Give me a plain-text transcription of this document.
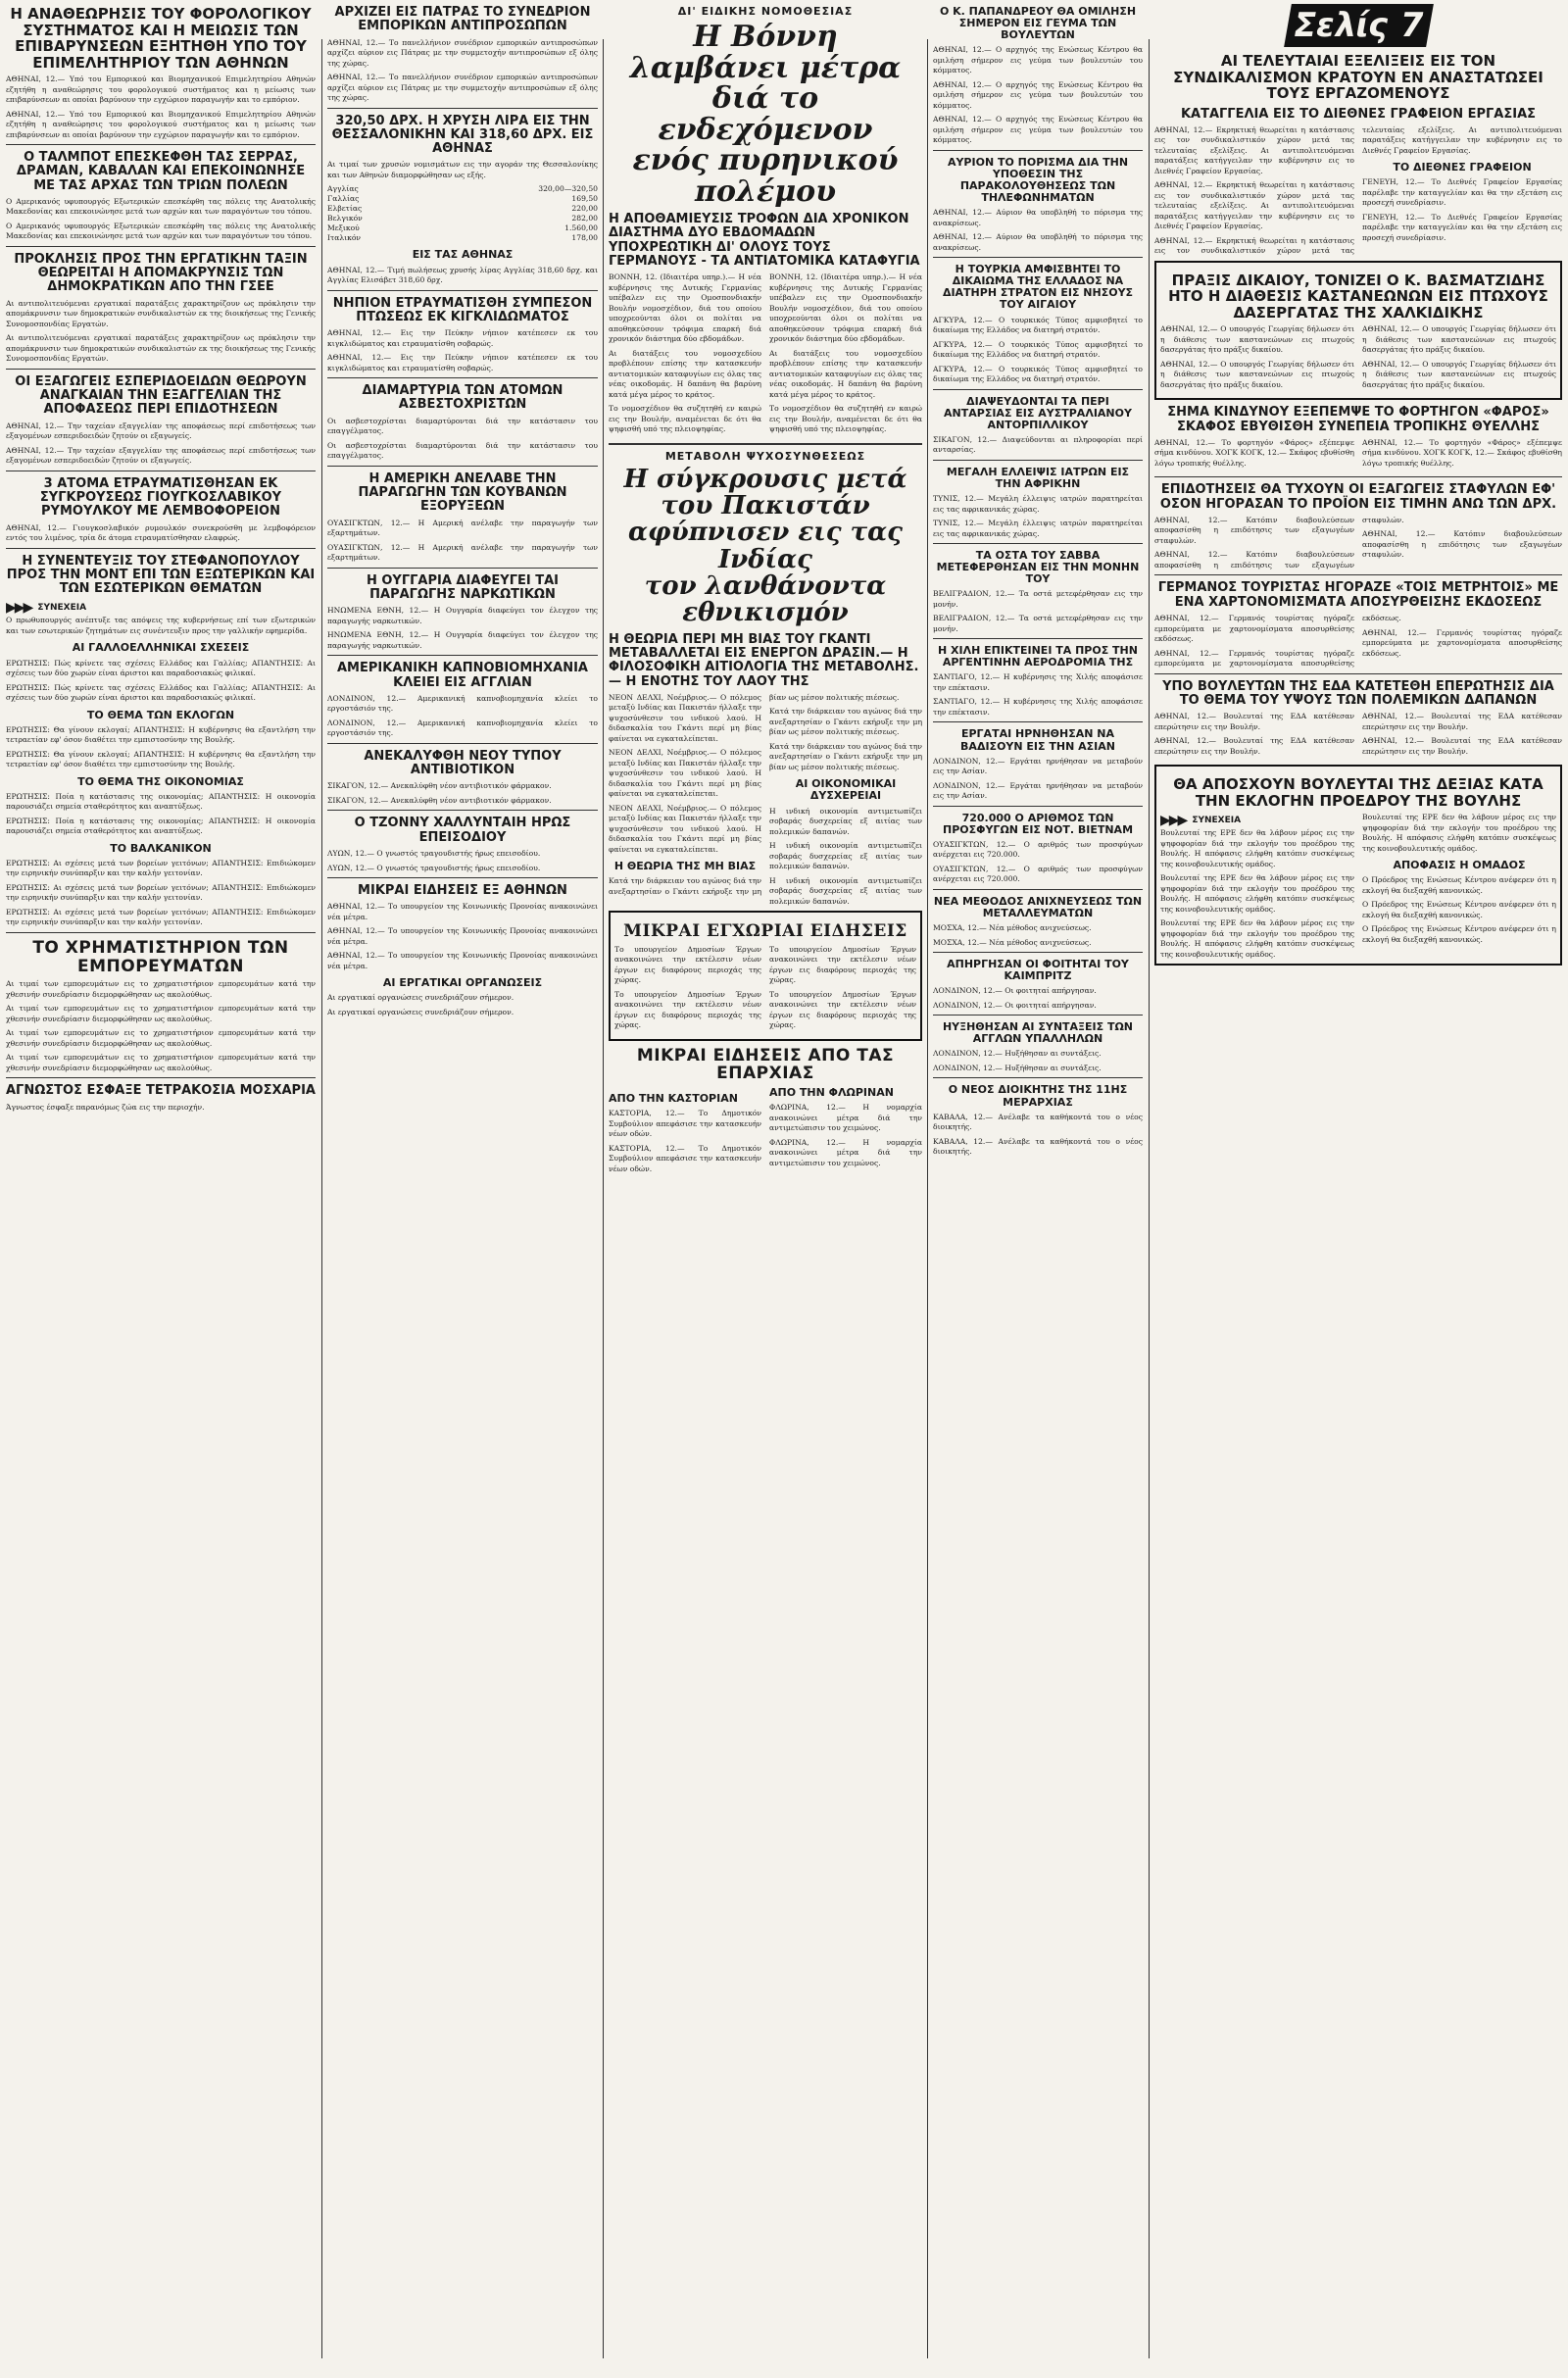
Η ΑΝΑΘΕΩΡΗΣΙΣ ΤΟΥ ΦΟΡΟΛΟΓΙΚΟΥ ΣΥΣΤΗΜΑΤΟΣ ΚΑΙ Η ΜΕΙΩΣΙΣ ΤΩΝ ΕΠΙΒΑΡΥΝΣΕΩΝ ΕΞΗΤΗΘΗ ΥΠΟ ΤΟΥ ΕΠΙΜΕΛΗΤΗΡΙΟΥ ΤΩΝ ΑΘΗΝΩΝ

ΑΘΗΝΑΙ, 12.— Υπό του Εμπορικού και Βιομηχανικού Επιμελητηρίου Αθηνών εζητήθη η αναθεώρησις του φορολογικού συστήματος και η μείωσις των επιβαρύνσεων αι οποίαι βαρύνουν την εγχώριον παραγωγήν και το εμπόριον.

ΑΘΗΝΑΙ, 12.— Υπό του Εμπορικού και Βιομηχανικού Επιμελητηρίου Αθηνών εζητήθη η αναθεώρησις του φορολογικού συστήματος και η μείωσις των επιβαρύνσεων αι οποίαι βαρύνουν την εγχώριον παραγωγήν και το εμπόριον.

Ο ΤΑΛΜΠΟΤ ΕΠΕΣΚΕΦΘΗ ΤΑΣ ΣΕΡΡΑΣ, ΔΡΑΜΑΝ, ΚΑΒΑΛΑΝ ΚΑΙ ΕΠΕΚΟΙΝΩΝΗΣΕ ΜΕ ΤΑΣ ΑΡΧΑΣ ΤΩΝ ΤΡΙΩΝ ΠΟΛΕΩΝ

Ο Αμερικανός υφυπουργός Εξωτερικών επεσκέφθη τας πόλεις της Ανατολικής Μακεδονίας και επεκοινώνησε μετά των αρχών και των παραγόντων του τόπου.

Ο Αμερικανός υφυπουργός Εξωτερικών επεσκέφθη τας πόλεις της Ανατολικής Μακεδονίας και επεκοινώνησε μετά των αρχών και των παραγόντων του τόπου.

ΠΡΟΚΛΗΣΙΣ ΠΡΟΣ ΤΗΝ ΕΡΓΑΤΙΚΗΝ ΤΑΞΙΝ ΘΕΩΡΕΙΤΑΙ Η ΑΠΟΜΑΚΡΥΝΣΙΣ ΤΩΝ ΔΗΜΟΚΡΑΤΙΚΩΝ ΑΠΟ ΤΗΝ ΓΣΕΕ

Αι αντιπολιτευόμεναι εργατικαί παρατάξεις χαρακτηρίζουν ως πρόκλησιν την απομάκρυνσιν των δημοκρατικών συνδικαλιστών εκ της διοικήσεως της Γενικής Συνομοσπονδίας Εργατών.

Αι αντιπολιτευόμεναι εργατικαί παρατάξεις χαρακτηρίζουν ως πρόκλησιν την απομάκρυνσιν των δημοκρατικών συνδικαλιστών εκ της διοικήσεως της Γενικής Συνομοσπονδίας Εργατών.

ΟΙ ΕΞΑΓΩΓΕΙΣ ΕΣΠΕΡΙΔΟΕΙΔΩΝ ΘΕΩΡΟΥΝ ΑΝΑΓΚΑΙΑΝ ΤΗΝ ΕΞΑΓΓΕΛΙΑΝ ΤΗΣ ΑΠΟΦΑΣΕΩΣ ΠΕΡΙ ΕΠΙΔΟΤΗΣΕΩΝ

ΑΘΗΝΑΙ, 12.— Την ταχείαν εξαγγελίαν της αποφάσεως περί επιδοτήσεως των εξαγομένων εσπεριδοειδών ζητούν οι εξαγωγείς.

ΑΘΗΝΑΙ, 12.— Την ταχείαν εξαγγελίαν της αποφάσεως περί επιδοτήσεως των εξαγομένων εσπεριδοειδών ζητούν οι εξαγωγείς.

3 ΑΤΟΜΑ ΕΤΡΑΥΜΑΤΙΣΘΗΣΑΝ ΕΚ ΣΥΓΚΡΟΥΣΕΩΣ ΓΙΟΥΓΚΟΣΛΑΒΙΚΟΥ ΡΥΜΟΥΛΚΟΥ ΜΕ ΛΕΜΒΟΦΟΡΕΙΟΝ

ΑΘΗΝΑΙ, 12.— Γιουγκοσλαβικόν ρυμουλκόν συνεκρούσθη με λεμβοφόρειον εντός του λιμένος, τρία δε άτομα ετραυματίσθησαν ελαφρώς.

Η ΣΥΝΕΝΤΕΥΞΙΣ ΤΟΥ ΣΤΕΦΑΝΟΠΟΥΛΟΥ ΠΡΟΣ ΤΗΝ ΜΟΝΤ ΕΠΙ ΤΩΝ ΕΞΩΤΕΡΙΚΩΝ ΚΑΙ ΤΩΝ ΕΣΩΤΕΡΙΚΩΝ ΘΕΜΑΤΩΝ
▶▶▶ ΣΥΝΕΧΕΙΑ

Ο πρωθυπουργός ανέπτυξε τας απόψεις της κυβερνήσεως επί των εξωτερικών και των εσωτερικών ζητημάτων εις συνέντευξιν προς την γαλλικήν εφημερίδα.

ΑΙ ΓΑΛΛΟΕΛΛΗΝΙΚΑΙ ΣΧΕΣΕΙΣ

ΕΡΩΤΗΣΙΣ: Πώς κρίνετε τας σχέσεις Ελλάδος και Γαλλίας; ΑΠΑΝΤΗΣΙΣ: Αι σχέσεις των δύο χωρών είναι άριστοι και παραδοσιακώς φιλικαί.

ΕΡΩΤΗΣΙΣ: Πώς κρίνετε τας σχέσεις Ελλάδος και Γαλλίας; ΑΠΑΝΤΗΣΙΣ: Αι σχέσεις των δύο χωρών είναι άριστοι και παραδοσιακώς φιλικαί.

ΤΟ ΘΕΜΑ ΤΩΝ ΕΚΛΟΓΩΝ

ΕΡΩΤΗΣΙΣ: Θα γίνουν εκλογαί; ΑΠΑΝΤΗΣΙΣ: Η κυβέρνησις θα εξαντλήση την τετραετίαν εφ' όσον διαθέτει την εμπιστοσύνην της Βουλής.

ΕΡΩΤΗΣΙΣ: Θα γίνουν εκλογαί; ΑΠΑΝΤΗΣΙΣ: Η κυβέρνησις θα εξαντλήση την τετραετίαν εφ' όσον διαθέτει την εμπιστοσύνην της Βουλής.

ΤΟ ΘΕΜΑ ΤΗΣ ΟΙΚΟΝΟΜΙΑΣ

ΕΡΩΤΗΣΙΣ: Ποία η κατάστασις της οικονομίας; ΑΠΑΝΤΗΣΙΣ: Η οικονομία παρουσιάζει σημεία σταθερότητος και αναπτύξεως.

ΕΡΩΤΗΣΙΣ: Ποία η κατάστασις της οικονομίας; ΑΠΑΝΤΗΣΙΣ: Η οικονομία παρουσιάζει σημεία σταθερότητος και αναπτύξεως.

ΤΟ ΒΑΛΚΑΝΙΚΟΝ

ΕΡΩΤΗΣΙΣ: Αι σχέσεις μετά των βορείων γειτόνων; ΑΠΑΝΤΗΣΙΣ: Επιδιώκομεν την ειρηνικήν συνύπαρξιν και την καλήν γειτονίαν.

ΕΡΩΤΗΣΙΣ: Αι σχέσεις μετά των βορείων γειτόνων; ΑΠΑΝΤΗΣΙΣ: Επιδιώκομεν την ειρηνικήν συνύπαρξιν και την καλήν γειτονίαν.

ΕΡΩΤΗΣΙΣ: Αι σχέσεις μετά των βορείων γειτόνων; ΑΠΑΝΤΗΣΙΣ: Επιδιώκομεν την ειρηνικήν συνύπαρξιν και την καλήν γειτονίαν.

ΤΟ ΧΡΗΜΑΤΙΣΤΗΡΙΟΝ ΤΩΝ ΕΜΠΟΡΕΥΜΑΤΩΝ

Αι τιμαί των εμπορευμάτων εις το χρηματιστήριον εμπορευμάτων κατά την χθεσινήν συνεδρίασιν διεμορφώθησαν ως ακολούθως.

Αι τιμαί των εμπορευμάτων εις το χρηματιστήριον εμπορευμάτων κατά την χθεσινήν συνεδρίασιν διεμορφώθησαν ως ακολούθως.

Αι τιμαί των εμπορευμάτων εις το χρηματιστήριον εμπορευμάτων κατά την χθεσινήν συνεδρίασιν διεμορφώθησαν ως ακολούθως.

Αι τιμαί των εμπορευμάτων εις το χρηματιστήριον εμπορευμάτων κατά την χθεσινήν συνεδρίασιν διεμορφώθησαν ως ακολούθως.

ΑΓΝΩΣΤΟΣ ΕΣΦΑΞΕ ΤΕΤΡΑΚΟΣΙΑ ΜΟΣΧΑΡΙΑ

Άγνωστος έσφαξε παρανόμως ζώα εις την περιοχήν.

ΑΡΧΙΖΕΙ ΕΙΣ ΠΑΤΡΑΣ ΤΟ ΣΥΝΕΔΡΙΟΝ ΕΜΠΟΡΙΚΩΝ ΑΝΤΙΠΡΟΣΩΠΩΝ

ΑΘΗΝΑΙ, 12.— Το πανελλήνιον συνέδριον εμπορικών αντιπροσώπων αρχίζει αύριον εις Πάτρας με την συμμετοχήν αντιπροσώπων εξ όλης της χώρας.

ΑΘΗΝΑΙ, 12.— Το πανελλήνιον συνέδριον εμπορικών αντιπροσώπων αρχίζει αύριον εις Πάτρας με την συμμετοχήν αντιπροσώπων εξ όλης της χώρας.

320,50 ΔΡΧ. Η ΧΡΥΣΗ ΛΙΡΑ ΕΙΣ ΤΗΝ ΘΕΣΣΑΛΟΝΙΚΗΝ ΚΑΙ 318,60 ΔΡΧ. ΕΙΣ ΑΘΗΝΑΣ

Αι τιμαί των χρυσών νομισμάτων εις την αγοράν της Θεσσαλονίκης και των Αθηνών διαμορφώθησαν ως εξής.

Αγγλίας	320,00—320,50
Γαλλίας	169,50
Ελβετίας	220,00
Βελγικόν	282,00
Μεξικού	1.560,00
Ιταλικόν	178,00
ΕΙΣ ΤΑΣ ΑΘΗΝΑΣ

ΑΘΗΝΑΙ, 12.— Τιμή πωλήσεως χρυσής λίρας Αγγλίας 318,60 δρχ. και Αγγλίας Ελισάβετ 318,60 δρχ.

ΝΗΠΙΟΝ ΕΤΡΑΥΜΑΤΙΣΘΗ ΣΥΜΠΕΣΟΝ ΠΤΩΣΕΩΣ ΕΚ ΚΙΓΚΛΙΔΩΜΑΤΟΣ

ΑΘΗΝΑΙ, 12.— Εις την Πεύκην νήπιον κατέπεσεν εκ του κιγκλιδώματος και ετραυματίσθη σοβαρώς.

ΑΘΗΝΑΙ, 12.— Εις την Πεύκην νήπιον κατέπεσεν εκ του κιγκλιδώματος και ετραυματίσθη σοβαρώς.

ΔΙΑΜΑΡΤΥΡΙΑ ΤΩΝ ΑΤΟΜΩΝ ΑΣΒΕΣΤΟΧΡΙΣΤΩΝ

Οι ασβεστοχρίσται διαμαρτύρονται διά την κατάστασιν του επαγγέλματος.

Οι ασβεστοχρίσται διαμαρτύρονται διά την κατάστασιν του επαγγέλματος.

Η ΑΜΕΡΙΚΗ ΑΝΕΛΑΒΕ ΤΗΝ ΠΑΡΑΓΩΓΗΝ ΤΩΝ ΚΟΥΒΑΝΩΝ ΕΞΟΡΥΞΕΩΝ

ΟΥΑΣΙΓΚΤΩΝ, 12.— Η Αμερική ανέλαβε την παραγωγήν των εξαρτημάτων.

ΟΥΑΣΙΓΚΤΩΝ, 12.— Η Αμερική ανέλαβε την παραγωγήν των εξαρτημάτων.

Η ΟΥΓΓΑΡΙΑ ΔΙΑΦΕΥΓΕΙ ΤΑΙ ΠΑΡΑΓΩΓΗΣ ΝΑΡΚΩΤΙΚΩΝ

ΗΝΩΜΕΝΑ ΕΘΝΗ, 12.— Η Ουγγαρία διαφεύγει τον έλεγχον της παραγωγής ναρκωτικών.

ΗΝΩΜΕΝΑ ΕΘΝΗ, 12.— Η Ουγγαρία διαφεύγει τον έλεγχον της παραγωγής ναρκωτικών.

ΑΜΕΡΙΚΑΝΙΚΗ ΚΑΠΝΟΒΙΟΜΗΧΑΝΙΑ ΚΛΕΙΕΙ ΕΙΣ ΑΓΓΛΙΑΝ

ΛΟΝΔΙΝΟΝ, 12.— Αμερικανική καπνοβιομηχανία κλείει το εργοστάσιόν της.

ΛΟΝΔΙΝΟΝ, 12.— Αμερικανική καπνοβιομηχανία κλείει το εργοστάσιόν της.

ΑΝΕΚΑΛΥΦΘΗ ΝΕΟΥ ΤΥΠΟΥ ΑΝΤΙΒΙΟΤΙΚΟΝ

ΣΙΚΑΓΟΝ, 12.— Ανεκαλύφθη νέον αντιβιοτικόν φάρμακον.

ΣΙΚΑΓΟΝ, 12.— Ανεκαλύφθη νέον αντιβιοτικόν φάρμακον.

Ο ΤΖΟΝΝΥ ΧΑΛΛΥΝΤΑΙΗ ΗΡΩΣ ΕΠΕΙΣΟΔΙΟΥ

ΛΥΩΝ, 12.— Ο γνωστός τραγουδιστής ήρως επεισοδίου.

ΛΥΩΝ, 12.— Ο γνωστός τραγουδιστής ήρως επεισοδίου.

ΜΙΚΡΑΙ ΕΙΔΗΣΕΙΣ ΕΞ ΑΘΗΝΩΝ

ΑΘΗΝΑΙ, 12.— Το υπουργείον της Κοινωνικής Προνοίας ανακοινώνει νέα μέτρα.

ΑΘΗΝΑΙ, 12.— Το υπουργείον της Κοινωνικής Προνοίας ανακοινώνει νέα μέτρα.

ΑΘΗΝΑΙ, 12.— Το υπουργείον της Κοινωνικής Προνοίας ανακοινώνει νέα μέτρα.

ΑΙ ΕΡΓΑΤΙΚΑΙ ΟΡΓΑΝΩΣΕΙΣ

Αι εργατικαί οργανώσεις συνεδριάζουν σήμερον.

Αι εργατικαί οργανώσεις συνεδριάζουν σήμερον.

ΔΙ' ΕΙΔΙΚΗΣ ΝΟΜΟΘΕΣΙΑΣ
Η Βόννη λαμβάνει μέτρα
διά το ενδεχόμενον
ενός πυρηνικού πολέμου
Η ΑΠΟΘΑΜΙΕΥΣΙΣ ΤΡΟΦΩΝ ΔΙΑ ΧΡΟΝΙΚΟΝ ΔΙΑΣΤΗΜΑ ΔΥΟ ΕΒΔΟΜΑΔΩΝ ΥΠΟΧΡΕΩΤΙΚΗ ΔΙ' ΟΛΟΥΣ ΤΟΥΣ ΓΕΡΜΑΝΟΥΣ - ΤΑ ΑΝΤΙΑΤΟΜΙΚΑ ΚΑΤΑΦΥΓΙΑ

ΒΟΝΝΗ, 12. (Ιδιαιτέρα υπηρ.).— Η νέα κυβέρνησις της Δυτικής Γερμανίας υπέβαλεν εις την Ομοσπονδιακήν Βουλήν νομοσχέδιον, διά του οποίου υποχρεούνται όλοι οι πολίται να αποθηκεύσουν τρόφιμα επαρκή διά χρονικόν διάστημα δύο εβδομάδων.

Αι διατάξεις του νομοσχεδίου προβλέπουν επίσης την κατασκευήν αντιατομικών καταφυγίων εις όλας τας νέας οικοδομάς. Η δαπάνη θα βαρύνη κατά μέγα μέρος το κράτος.

Το νομοσχέδιον θα συζητηθή εν καιρώ εις την Βουλήν, αναμένεται δε ότι θα ψηφισθή υπό της πλειοψηφίας.

ΒΟΝΝΗ, 12. (Ιδιαιτέρα υπηρ.).— Η νέα κυβέρνησις της Δυτικής Γερμανίας υπέβαλεν εις την Ομοσπονδιακήν Βουλήν νομοσχέδιον, διά του οποίου υποχρεούνται όλοι οι πολίται να αποθηκεύσουν τρόφιμα επαρκή διά χρονικόν διάστημα δύο εβδομάδων.

Αι διατάξεις του νομοσχεδίου προβλέπουν επίσης την κατασκευήν αντιατομικών καταφυγίων εις όλας τας νέας οικοδομάς. Η δαπάνη θα βαρύνη κατά μέγα μέρος το κράτος.

Το νομοσχέδιον θα συζητηθή εν καιρώ εις την Βουλήν, αναμένεται δε ότι θα ψηφισθή υπό της πλειοψηφίας.

ΜΕΤΑΒΟΛΗ ΨΥΧΟΣΥΝΘΕΣΕΩΣ
Η σύγκρουσις μετά του Πακιστάν
αφύπνισεν εις τας Ινδίας
τον λανθάνοντα εθνικισμόν
Η ΘΕΩΡΙΑ ΠΕΡΙ ΜΗ ΒΙΑΣ ΤΟΥ ΓΚΑΝΤΙ ΜΕΤΑΒΑΛΛΕΤΑΙ ΕΙΣ ΕΝΕΡΓΟΝ ΔΡΑΣΙΝ.— Η ΦΙΛΟΣΟΦΙΚΗ ΑΙΤΙΟΛΟΓΙΑ ΤΗΣ ΜΕΤΑΒΟΛΗΣ.— Η ΕΝΟΤΗΣ ΤΟΥ ΛΑΟΥ ΤΗΣ

ΝΕΟΝ ΔΕΛΧΙ, Νοέμβριος.— Ο πόλεμος μεταξύ Ινδίας και Πακιστάν ήλλαξε την ψυχοσύνθεσιν του ινδικού λαού. Η διδασκαλία του Γκάντι περί μη βίας φαίνεται να εγκαταλείπεται.

ΝΕΟΝ ΔΕΛΧΙ, Νοέμβριος.— Ο πόλεμος μεταξύ Ινδίας και Πακιστάν ήλλαξε την ψυχοσύνθεσιν του ινδικού λαού. Η διδασκαλία του Γκάντι περί μη βίας φαίνεται να εγκαταλείπεται.

ΝΕΟΝ ΔΕΛΧΙ, Νοέμβριος.— Ο πόλεμος μεταξύ Ινδίας και Πακιστάν ήλλαξε την ψυχοσύνθεσιν του ινδικού λαού. Η διδασκαλία του Γκάντι περί μη βίας φαίνεται να εγκαταλείπεται.

Η ΘΕΩΡΙΑ ΤΗΣ ΜΗ ΒΙΑΣ

Κατά την διάρκειαν του αγώνος διά την ανεξαρτησίαν ο Γκάντι εκήρυξε την μη βίαν ως μέσον πολιτικής πιέσεως.

Κατά την διάρκειαν του αγώνος διά την ανεξαρτησίαν ο Γκάντι εκήρυξε την μη βίαν ως μέσον πολιτικής πιέσεως.

Κατά την διάρκειαν του αγώνος διά την ανεξαρτησίαν ο Γκάντι εκήρυξε την μη βίαν ως μέσον πολιτικής πιέσεως.

ΑΙ ΟΙΚΟΝΟΜΙΚΑΙ ΔΥΣΧΕΡΕΙΑΙ

Η ινδική οικονομία αντιμετωπίζει σοβαράς δυσχερείας εξ αιτίας των πολεμικών δαπανών.

Η ινδική οικονομία αντιμετωπίζει σοβαράς δυσχερείας εξ αιτίας των πολεμικών δαπανών.

Η ινδική οικονομία αντιμετωπίζει σοβαράς δυσχερείας εξ αιτίας των πολεμικών δαπανών.

ΜΙΚΡΑΙ ΕΓΧΩΡΙΑΙ ΕΙΔΗΣΕΙΣ

Το υπουργείον Δημοσίων Έργων ανακοινώνει την εκτέλεσιν νέων έργων εις διαφόρους περιοχάς της χώρας.

Το υπουργείον Δημοσίων Έργων ανακοινώνει την εκτέλεσιν νέων έργων εις διαφόρους περιοχάς της χώρας.

Το υπουργείον Δημοσίων Έργων ανακοινώνει την εκτέλεσιν νέων έργων εις διαφόρους περιοχάς της χώρας.

Το υπουργείον Δημοσίων Έργων ανακοινώνει την εκτέλεσιν νέων έργων εις διαφόρους περιοχάς της χώρας.

ΜΙΚΡΑΙ ΕΙΔΗΣΕΙΣ ΑΠΟ ΤΑΣ ΕΠΑΡΧΙΑΣ
ΑΠΟ ΤΗΝ ΚΑΣΤΟΡΙΑΝ

ΚΑΣΤΟΡΙΑ, 12.— Το Δημοτικόν Συμβούλιον απεφάσισε την κατασκευήν νέων οδών.

ΚΑΣΤΟΡΙΑ, 12.— Το Δημοτικόν Συμβούλιον απεφάσισε την κατασκευήν νέων οδών.

ΑΠΟ ΤΗΝ ΦΛΩΡΙΝΑΝ

ΦΛΩΡΙΝΑ, 12.— Η νομαρχία ανακοινώνει μέτρα διά την αντιμετώπισιν του χειμώνος.

ΦΛΩΡΙΝΑ, 12.— Η νομαρχία ανακοινώνει μέτρα διά την αντιμετώπισιν του χειμώνος.

Ο Κ. ΠΑΠΑΝΔΡΕΟΥ ΘΑ ΟΜΙΛΗΣΗ ΣΗΜΕΡΟΝ ΕΙΣ ΓΕΥΜΑ ΤΩΝ ΒΟΥΛΕΥΤΩΝ

ΑΘΗΝΑΙ, 12.— Ο αρχηγός της Ενώσεως Κέντρου θα ομιλήση σήμερον εις γεύμα των βουλευτών του κόμματος.

ΑΘΗΝΑΙ, 12.— Ο αρχηγός της Ενώσεως Κέντρου θα ομιλήση σήμερον εις γεύμα των βουλευτών του κόμματος.

ΑΘΗΝΑΙ, 12.— Ο αρχηγός της Ενώσεως Κέντρου θα ομιλήση σήμερον εις γεύμα των βουλευτών του κόμματος.

ΑΥΡΙΟΝ ΤΟ ΠΟΡΙΣΜΑ ΔΙΑ ΤΗΝ ΥΠΟΘΕΣΙΝ ΤΗΣ ΠΑΡΑΚΟΛΟΥΘΗΣΕΩΣ ΤΩΝ ΤΗΛΕΦΩΝΗΜΑΤΩΝ

ΑΘΗΝΑΙ, 12.— Αύριον θα υποβληθή το πόρισμα της ανακρίσεως.

ΑΘΗΝΑΙ, 12.— Αύριον θα υποβληθή το πόρισμα της ανακρίσεως.

Η ΤΟΥΡΚΙΑ ΑΜΦΙΣΒΗΤΕΙ ΤΟ ΔΙΚΑΙΩΜΑ ΤΗΣ ΕΛΛΑΔΟΣ ΝΑ ΔΙΑΤΗΡΗ ΣΤΡΑΤΟΝ ΕΙΣ ΝΗΣΟΥΣ ΤΟΥ ΑΙΓΑΙΟΥ

ΑΓΚΥΡΑ, 12.— Ο τουρκικός Τύπος αμφισβητεί το δικαίωμα της Ελλάδος να διατηρή στρατόν.

ΑΓΚΥΡΑ, 12.— Ο τουρκικός Τύπος αμφισβητεί το δικαίωμα της Ελλάδος να διατηρή στρατόν.

ΑΓΚΥΡΑ, 12.— Ο τουρκικός Τύπος αμφισβητεί το δικαίωμα της Ελλάδος να διατηρή στρατόν.

ΔΙΑΨΕΥΔΟΝΤΑΙ ΤΑ ΠΕΡΙ ΑΝΤΑΡΣΙΑΣ ΕΙΣ ΑΥΣΤΡΑΛΙΑΝΟΥ ΑΝΤΟΡΠΙΛΛΙΚΟΥ

ΣΙΚΑΓΟΝ, 12.— Διαψεύδονται αι πληροφορίαι περί ανταρσίας.

ΜΕΓΑΛΗ ΕΛΛΕΙΨΙΣ ΙΑΤΡΩΝ ΕΙΣ ΤΗΝ ΑΦΡΙΚΗΝ

ΤΥΝΙΣ, 12.— Μεγάλη έλλειψις ιατρών παρατηρείται εις τας αφρικανικάς χώρας.

ΤΥΝΙΣ, 12.— Μεγάλη έλλειψις ιατρών παρατηρείται εις τας αφρικανικάς χώρας.

ΤΑ ΟΣΤΑ ΤΟΥ ΣΑΒΒΑ ΜΕΤΕΦΕΡΘΗΣΑΝ ΕΙΣ ΤΗΝ ΜΟΝΗΝ ΤΟΥ

ΒΕΛΙΓΡΑΔΙΟΝ, 12.— Τα οστά μετεφέρθησαν εις την μονήν.

ΒΕΛΙΓΡΑΔΙΟΝ, 12.— Τα οστά μετεφέρθησαν εις την μονήν.

Η ΧΙΛΗ ΕΠΙΚΤΕΙΝΕΙ ΤΑ ΠΡΟΣ ΤΗΝ ΑΡΓΕΝΤΙΝΗΝ ΑΕΡΟΔΡΟΜΙΑ ΤΗΣ

ΣΑΝΤΙΑΓΟ, 12.— Η κυβέρνησις της Χιλής αποφάσισε την επέκτασιν.

ΣΑΝΤΙΑΓΟ, 12.— Η κυβέρνησις της Χιλής αποφάσισε την επέκτασιν.

ΕΡΓΑΤΑΙ ΗΡΝΗΘΗΣΑΝ ΝΑ ΒΑΔΙΣΟΥΝ ΕΙΣ ΤΗΝ ΑΣΙΑΝ

ΛΟΝΔΙΝΟΝ, 12.— Εργάται ηρνήθησαν να μεταβούν εις την Ασίαν.

ΛΟΝΔΙΝΟΝ, 12.— Εργάται ηρνήθησαν να μεταβούν εις την Ασίαν.

720.000 Ο ΑΡΙΘΜΟΣ ΤΩΝ ΠΡΟΣΦΥΓΩΝ ΕΙΣ ΝΟΤ. ΒΙΕΤΝΑΜ

ΟΥΑΣΙΓΚΤΩΝ, 12.— Ο αριθμός των προσφύγων ανέρχεται εις 720.000.

ΟΥΑΣΙΓΚΤΩΝ, 12.— Ο αριθμός των προσφύγων ανέρχεται εις 720.000.

ΝΕΑ ΜΕΘΟΔΟΣ ΑΝΙΧΝΕΥΣΕΩΣ ΤΩΝ ΜΕΤΑΛΛΕΥΜΑΤΩΝ

ΜΟΣΧΑ, 12.— Νέα μέθοδος ανιχνεύσεως.

ΜΟΣΧΑ, 12.— Νέα μέθοδος ανιχνεύσεως.

ΑΠΗΡΓΗΣΑΝ ΟΙ ΦΟΙΤΗΤΑΙ ΤΟΥ ΚΑΙΜΠΡΙΤΖ

ΛΟΝΔΙΝΟΝ, 12.— Οι φοιτηταί απήργησαν.

ΛΟΝΔΙΝΟΝ, 12.— Οι φοιτηταί απήργησαν.

ΗΥΞΗΘΗΣΑΝ ΑΙ ΣΥΝΤΑΞΕΙΣ ΤΩΝ ΑΓΓΛΩΝ ΥΠΑΛΛΗΛΩΝ

ΛΟΝΔΙΝΟΝ, 12.— Ηυξήθησαν αι συντάξεις.

ΛΟΝΔΙΝΟΝ, 12.— Ηυξήθησαν αι συντάξεις.

Ο ΝΕΟΣ ΔΙΟΙΚΗΤΗΣ ΤΗΣ 11ΗΣ ΜΕΡΑΡΧΙΑΣ

ΚΑΒΑΛΑ, 12.— Ανέλαβε τα καθήκοντά του ο νέος διοικητής.

ΚΑΒΑΛΑ, 12.— Ανέλαβε τα καθήκοντά του ο νέος διοικητής.

Σελίς 7
ΑΙ ΤΕΛΕΥΤΑΙΑΙ ΕΞΕΛΙΞΕΙΣ ΕΙΣ ΤΟΝ ΣΥΝΔΙΚΑΛΙΣΜΟΝ ΚΡΑΤΟΥΝ ΕΝ ΑΝΑΣΤΑΤΩΣΕΙ ΤΟΥΣ ΕΡΓΑΖΟΜΕΝΟΥΣ
ΚΑΤΑΓΓΕΛΙΑ ΕΙΣ ΤΟ ΔΙΕΘΝΕΣ ΓΡΑΦΕΙΟΝ ΕΡΓΑΣΙΑΣ

ΑΘΗΝΑΙ, 12.— Εκρηκτική θεωρείται η κατάστασις εις τον συνδικαλιστικόν χώρον μετά τας τελευταίας εξελίξεις. Αι αντιπολιτευόμεναι παρατάξεις κατήγγειλαν την κυβέρνησιν εις το Διεθνές Γραφείον Εργασίας.

ΑΘΗΝΑΙ, 12.— Εκρηκτική θεωρείται η κατάστασις εις τον συνδικαλιστικόν χώρον μετά τας τελευταίας εξελίξεις. Αι αντιπολιτευόμεναι παρατάξεις κατήγγειλαν την κυβέρνησιν εις το Διεθνές Γραφείον Εργασίας.

ΑΘΗΝΑΙ, 12.— Εκρηκτική θεωρείται η κατάστασις εις τον συνδικαλιστικόν χώρον μετά τας τελευταίας εξελίξεις. Αι αντιπολιτευόμεναι παρατάξεις κατήγγειλαν την κυβέρνησιν εις το Διεθνές Γραφείον Εργασίας.

ΤΟ ΔΙΕΘΝΕΣ ΓΡΑΦΕΙΟΝ

ΓΕΝΕΥΗ, 12.— Το Διεθνές Γραφείον Εργασίας παρέλαβε την καταγγελίαν και θα την εξετάση εις προσεχή συνεδρίασιν.

ΓΕΝΕΥΗ, 12.— Το Διεθνές Γραφείον Εργασίας παρέλαβε την καταγγελίαν και θα την εξετάση εις προσεχή συνεδρίασιν.

ΠΡΑΞΙΣ ΔΙΚΑΙΟΥ, ΤΟΝΙΖΕΙ Ο Κ. ΒΑΣΜΑΤΖΙΔΗΣ ΗΤΟ Η ΔΙΑΘΕΣΙΣ ΚΑΣΤΑΝΕΩΝΩΝ ΕΙΣ ΠΤΩΧΟΥΣ ΔΑΣΕΡΓΑΤΑΣ ΤΗΣ ΧΑΛΚΙΔΙΚΗΣ

ΑΘΗΝΑΙ, 12.— Ο υπουργός Γεωργίας δήλωσεν ότι η διάθεσις των καστανεώνων εις πτωχούς δασεργάτας ήτο πράξις δικαίου.

ΑΘΗΝΑΙ, 12.— Ο υπουργός Γεωργίας δήλωσεν ότι η διάθεσις των καστανεώνων εις πτωχούς δασεργάτας ήτο πράξις δικαίου.

ΑΘΗΝΑΙ, 12.— Ο υπουργός Γεωργίας δήλωσεν ότι η διάθεσις των καστανεώνων εις πτωχούς δασεργάτας ήτο πράξις δικαίου.

ΑΘΗΝΑΙ, 12.— Ο υπουργός Γεωργίας δήλωσεν ότι η διάθεσις των καστανεώνων εις πτωχούς δασεργάτας ήτο πράξις δικαίου.

ΣΗΜΑ ΚΙΝΔΥΝΟΥ ΕΞΕΠΕΜΨΕ ΤΟ ΦΟΡΤΗΓΟΝ «ΦΑΡΟΣ» ΣΚΑΦΟΣ ΕΒΥΘΙΣΘΗ ΣΥΝΕΠΕΙΑ ΤΡΟΠΙΚΗΣ ΘΥΕΛΛΗΣ

ΑΘΗΝΑΙ, 12.— Το φορτηγόν «Φάρος» εξέπεμψε σήμα κινδύνου. ΧΟΓΚ ΚΟΓΚ, 12.— Σκάφος εβυθίσθη λόγω τροπικής θυέλλης.

ΑΘΗΝΑΙ, 12.— Το φορτηγόν «Φάρος» εξέπεμψε σήμα κινδύνου. ΧΟΓΚ ΚΟΓΚ, 12.— Σκάφος εβυθίσθη λόγω τροπικής θυέλλης.

ΕΠΙΔΟΤΗΣΕΙΣ ΘΑ ΤΥΧΟΥΝ ΟΙ ΕΞΑΓΩΓΕΙΣ ΣΤΑΦΥΛΩΝ ΕΦ' ΟΣΟΝ ΗΓΟΡΑΣΑΝ ΤΟ ΠΡΟΪΟΝ ΕΙΣ ΤΙΜΗΝ ΑΝΩ ΤΩΝ ΔΡΧ.

ΑΘΗΝΑΙ, 12.— Κατόπιν διαβουλεύσεων αποφασίσθη η επιδότησις των εξαγωγέων σταφυλών.

ΑΘΗΝΑΙ, 12.— Κατόπιν διαβουλεύσεων αποφασίσθη η επιδότησις των εξαγωγέων σταφυλών.

ΑΘΗΝΑΙ, 12.— Κατόπιν διαβουλεύσεων αποφασίσθη η επιδότησις των εξαγωγέων σταφυλών.

ΓΕΡΜΑΝΟΣ ΤΟΥΡΙΣΤΑΣ ΗΓΟΡΑΖΕ «ΤΟΙΣ ΜΕΤΡΗΤΟΙΣ» ΜΕ ΕΝΑ ΧΑΡΤΟΝΟΜΙΣΜΑΤΑ ΑΠΟΣΥΡΘΕΙΣΗΣ ΕΚΔΟΣΕΩΣ

ΑΘΗΝΑΙ, 12.— Γερμανός τουρίστας ηγόραζε εμπορεύματα με χαρτονομίσματα αποσυρθείσης εκδόσεως.

ΑΘΗΝΑΙ, 12.— Γερμανός τουρίστας ηγόραζε εμπορεύματα με χαρτονομίσματα αποσυρθείσης εκδόσεως.

ΑΘΗΝΑΙ, 12.— Γερμανός τουρίστας ηγόραζε εμπορεύματα με χαρτονομίσματα αποσυρθείσης εκδόσεως.

ΥΠΟ ΒΟΥΛΕΥΤΩΝ ΤΗΣ ΕΔΑ ΚΑΤΕΤΕΘΗ ΕΠΕΡΩΤΗΣΙΣ ΔΙΑ ΤΟ ΘΕΜΑ ΤΟΥ ΥΨΟΥΣ ΤΩΝ ΠΟΛΕΜΙΚΩΝ ΔΑΠΑΝΩΝ

ΑΘΗΝΑΙ, 12.— Βουλευταί της ΕΔΑ κατέθεσαν επερώτησιν εις την Βουλήν.

ΑΘΗΝΑΙ, 12.— Βουλευταί της ΕΔΑ κατέθεσαν επερώτησιν εις την Βουλήν.

ΑΘΗΝΑΙ, 12.— Βουλευταί της ΕΔΑ κατέθεσαν επερώτησιν εις την Βουλήν.

ΑΘΗΝΑΙ, 12.— Βουλευταί της ΕΔΑ κατέθεσαν επερώτησιν εις την Βουλήν.

ΘΑ ΑΠΟΣΧΟΥΝ ΒΟΥΛΕΥΤΑΙ ΤΗΣ ΔΕΞΙΑΣ ΚΑΤΑ ΤΗΝ ΕΚΛΟΓΗΝ ΠΡΟΕΔΡΟΥ ΤΗΣ ΒΟΥΛΗΣ
▶▶▶ ΣΥΝΕΧΕΙΑ

Βουλευταί της ΕΡΕ δεν θα λάβουν μέρος εις την ψηφοφορίαν διά την εκλογήν του προέδρου της Βουλής. Η απόφασις ελήφθη κατόπιν συσκέψεως της κοινοβουλευτικής ομάδος.

Βουλευταί της ΕΡΕ δεν θα λάβουν μέρος εις την ψηφοφορίαν διά την εκλογήν του προέδρου της Βουλής. Η απόφασις ελήφθη κατόπιν συσκέψεως της κοινοβουλευτικής ομάδος.

Βουλευταί της ΕΡΕ δεν θα λάβουν μέρος εις την ψηφοφορίαν διά την εκλογήν του προέδρου της Βουλής. Η απόφασις ελήφθη κατόπιν συσκέψεως της κοινοβουλευτικής ομάδος.

Βουλευταί της ΕΡΕ δεν θα λάβουν μέρος εις την ψηφοφορίαν διά την εκλογήν του προέδρου της Βουλής. Η απόφασις ελήφθη κατόπιν συσκέψεως της κοινοβουλευτικής ομάδος.

ΑΠΟΦΑΣΙΣ Η ΟΜΑΔΟΣ

Ο Πρόεδρος της Ενώσεως Κέντρου ανέφερεν ότι η εκλογή θα διεξαχθή κανονικώς.

Ο Πρόεδρος της Ενώσεως Κέντρου ανέφερεν ότι η εκλογή θα διεξαχθή κανονικώς.

Ο Πρόεδρος της Ενώσεως Κέντρου ανέφερεν ότι η εκλογή θα διεξαχθή κανονικώς.
